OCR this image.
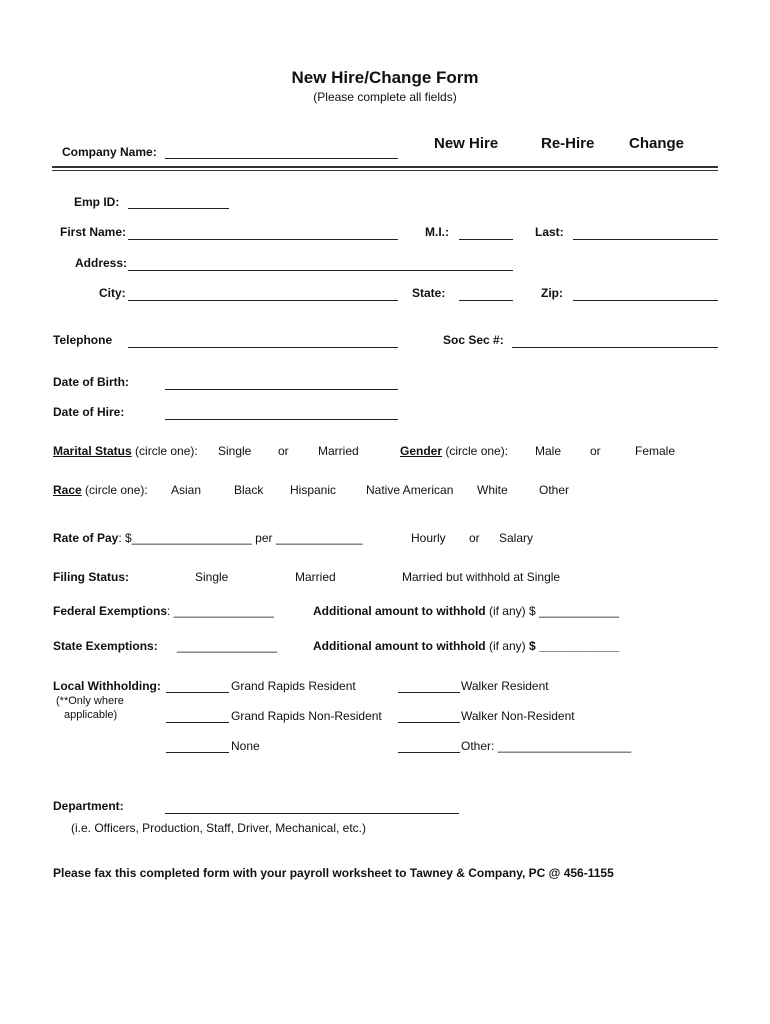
New Hire/Change Form
(Please complete all fields)
New Hire	Re-Hire Change
Company Name:
Emp ID:
First Name:	M.I.:	Last:
Address:
City:	State:	Zip:
Telephone	Soc Sec #:
Date of Birth:
Date of Hire:
Marital Status (circle one): Single or Married	Gender (circle one): Male or	Female
Race (circle one): Asian	Black Hispanic Native American White	Other
Rate of Pay: $__________________ per _____________	Hourly or Salary
Filing Status:	Single	Married	Married but withhold at Single
Federal Exemptions: _______________	Additional amount to withhold (if any) $ ____________
State Exemptions: _______________	Additional amount to withhold (if any) $ ____________
Local Withholding:
(**Only where
applicable)
Grand Rapids Resident	Walker Resident
Grand Rapids Non-Resident	Walker Non-Resident
None	Other: ____________________
Department:
(i.e. Officers, Production, Staff, Driver, Mechanical, etc.)
Please fax this completed form with your payroll worksheet to Tawney & Company, PC @ 456-1155
